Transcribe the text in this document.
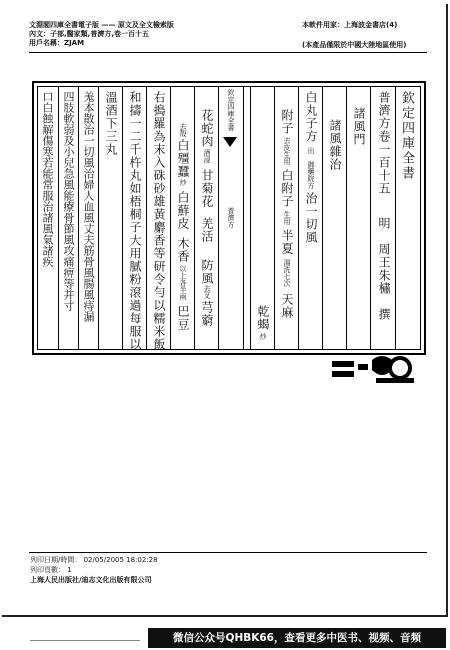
文淵閣四庫全書電子版 —— 原文及全文檢索版
內文：子部,醫家類,普濟方,卷一百十五
用戶名稱：ZJAM
本軟件用家：上海波金書店(4)
(本產品僅限於中國大陸地區使用)
欽定四庫全書
普濟方卷一百十五
明　周王朱橚　撰
諸風門
諸風雜治
白丸子方
出　御藥院方
治一切風
附子
去皮生用
白附子
生用
半夏
湯洗七次
天麻
乾蝎
炒
欽定四庫全書
普濟方
花蛇肉
酒浸
甘菊花
羌活
防風
去叉
芎藭
去殼
白殭蠶
炒
白蘚皮
木香
以上各半兩
巴豆
右搗羅為末入硃砂雄黃麝香等研令勻以糯米飯
和擣一二千杵丸如梧桐子大用膩粉滾過每服以
溫酒下三丸
羗本散治一切風治婦人血風丈夫筋骨風腸風痔漏
四肢軟弱及小兒急風能療骨節風攻痛痹等并寸
口白蝕解傷寒若能常服治諸風氣諸疾
列印日期/時間： 02/05/2005 18:02:28
列印頁數： 1
上海人民出版社/迪志文化出版有限公司
微信公众号QHBK66，查看更多中医书、视频、音频
